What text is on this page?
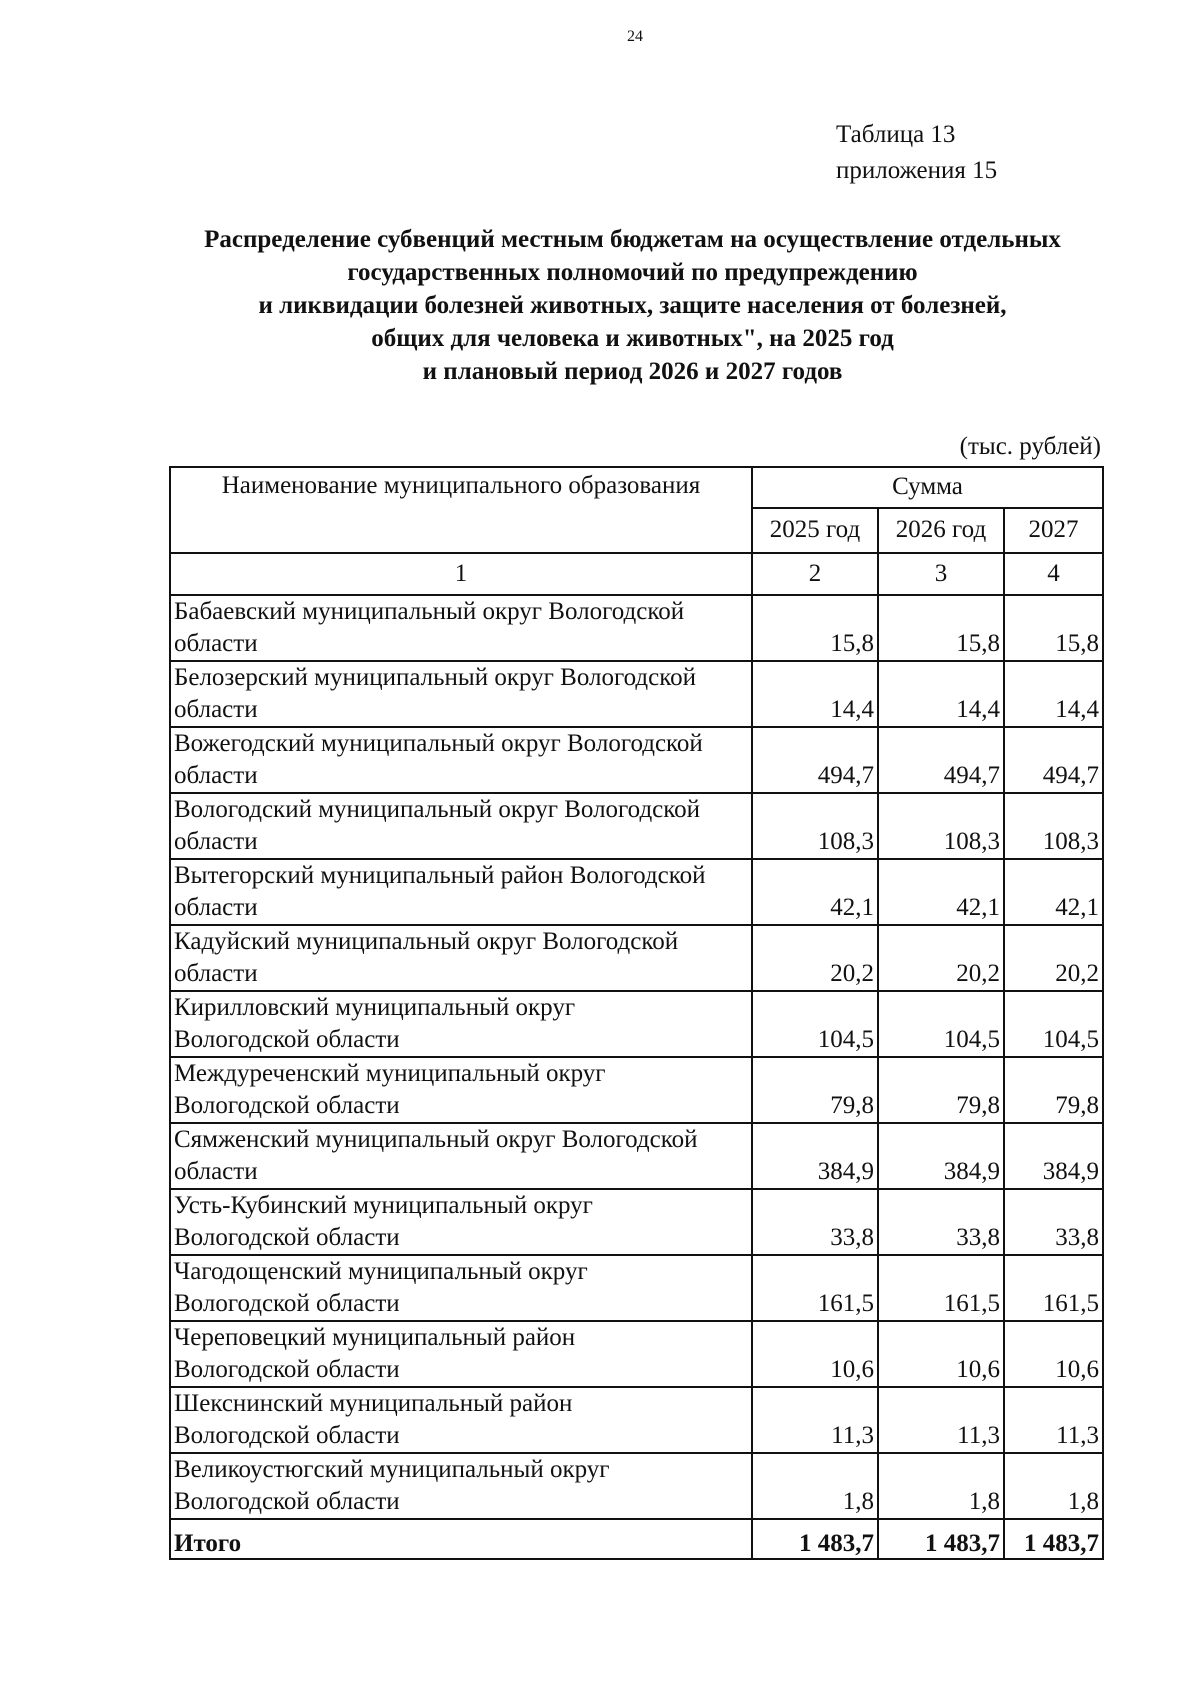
24
Таблица 13
приложения 15
Распределение субвенций местным бюджетам на осуществление отдельных
государственных полномочий по предупреждению
и ликвидации болезней животных, защите населения от болезней,
общих для человека и животных", на 2025 год
и плановый период 2026 и 2027 годов
(тыс. рублей)
Наименование муниципального образования	Сумма		
	2025 год	2026 год	2027
1	2	3	4

Бабаевский муниципальный округ Вологодской
области	15,8	15,8	15,8

Белозерский муниципальный округ Вологодской
области	14,4	14,4	14,4

Вожегодский муниципальный округ Вологодской
области	494,7	494,7	494,7

Вологодский муниципальный округ Вологодской
области	108,3	108,3	108,3

Вытегорский муниципальный район Вологодской
области	42,1	42,1	42,1

Кадуйский муниципальный округ Вологодской
области	20,2	20,2	20,2

Кирилловский муниципальный округ
Вологодской области	104,5	104,5	104,5

Междуреченский муниципальный округ
Вологодской области	79,8	79,8	79,8

Сямженский муниципальный округ Вологодской
области	384,9	384,9	384,9

Усть-Кубинский муниципальный округ
Вологодской области	33,8	33,8	33,8

Чагодощенский муниципальный округ
Вологодской области	161,5	161,5	161,5

Череповецкий муниципальный район
Вологодской области	10,6	10,6	10,6

Шекснинский муниципальный район
Вологодской области	11,3	11,3	11,3

Великоустюгский муниципальный округ
Вологодской области	1,8	1,8	1,8
Итого	1 483,7	1 483,7	1 483,7
